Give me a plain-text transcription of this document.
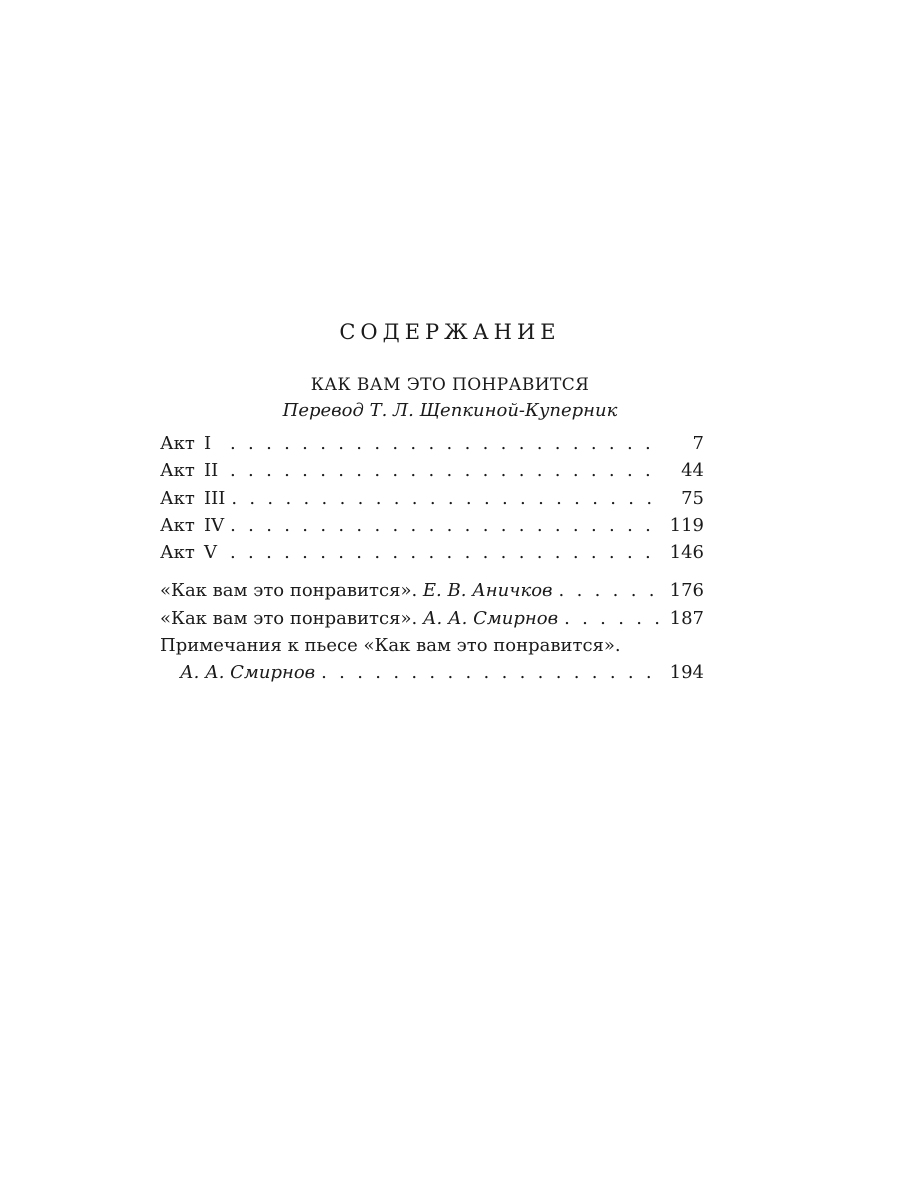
СОДЕРЖАНИЕ
КАК ВАМ ЭТО ПОНРАВИТСЯ
Перевод Т. Л. Щепкиной-Куперник
Акт I . . .	7
Акт II . . .	44
Акт III . . .	75
Акт IV . . .	119
Акт V . . .	146
«Как вам это понравится». Е. В. Аничков . . .	176
«Как вам это понравится». А. А. Смирнов . . .	187
Примечания к пьесе «Как вам это понравится».
А. А. Смирнов . . .	194
